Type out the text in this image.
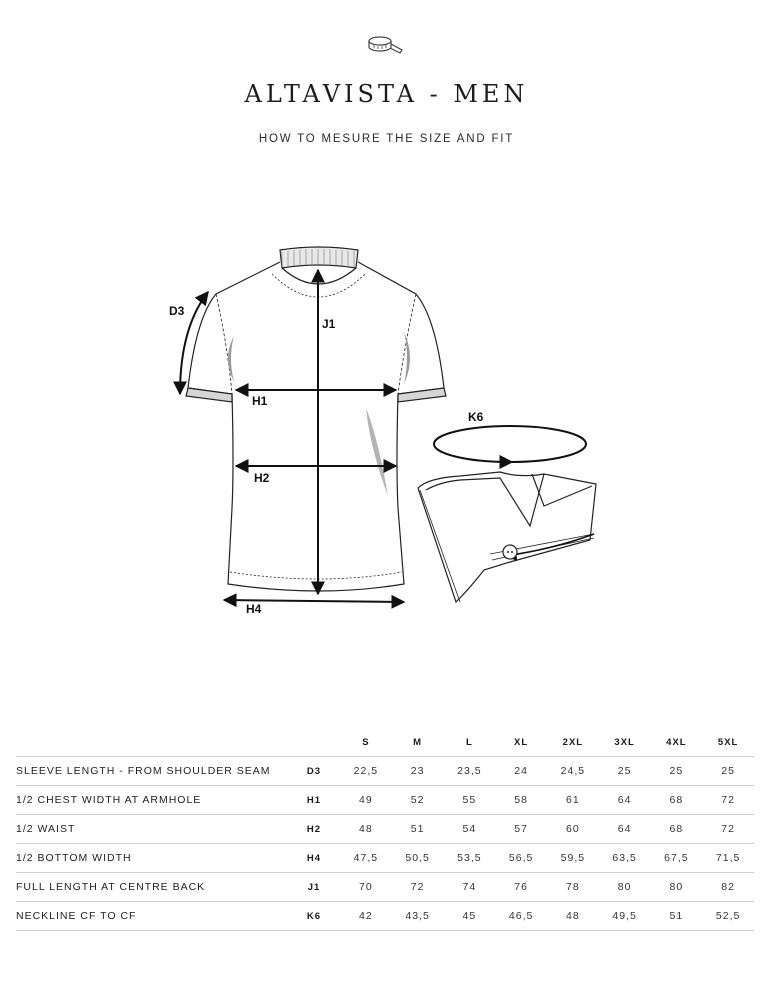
ALTAVISTA - MEN
HOW TO MESURE THE SIZE AND FIT
J1
H1
H2
H4
D3
K6
		S	M	L	XL	2XL	3XL	4XL	5XL
SLEEVE LENGTH - FROM SHOULDER SEAM	D3	22,5	23	23,5	24	24,5	25	25	25
1/2 CHEST WIDTH AT ARMHOLE	H1	49	52	55	58	61	64	68	72
1/2 WAIST	H2	48	51	54	57	60	64	68	72
1/2 BOTTOM WIDTH	H4	47,5	50,5	53,5	56,5	59,5	63,5	67,5	71,5
FULL LENGTH AT CENTRE BACK	J1	70	72	74	76	78	80	80	82
NECKLINE CF TO CF	K6	42	43,5	45	46,5	48	49,5	51	52,5
